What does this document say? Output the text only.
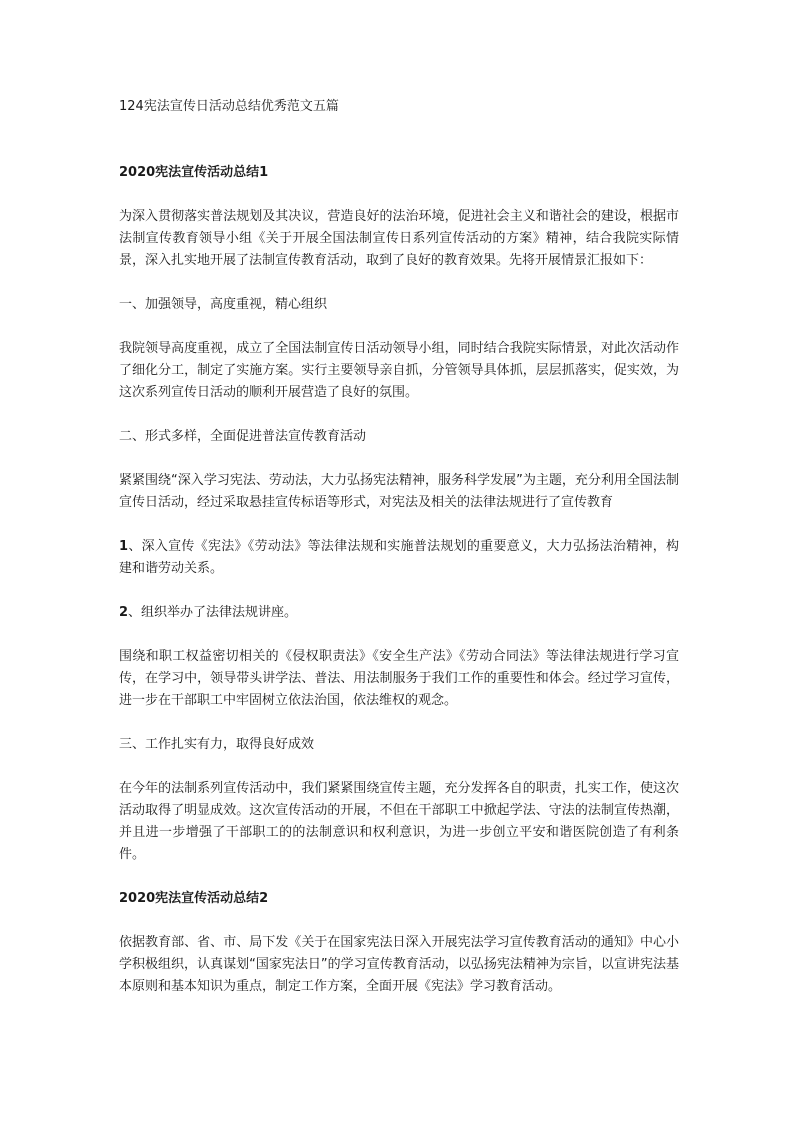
124宪法宣传日活动总结优秀范文五篇

2020宪法宣传活动总结1

为深入贯彻落实普法规划及其决议，营造良好的法治环境，促进社会主义和谐社会的建设，根据市法制宣传教育领导小组《关于开展全国法制宣传日系列宣传活动的方案》精神，结合我院实际情景，深入扎实地开展了法制宣传教育活动，取到了良好的教育效果。先将开展情景汇报如下：

一、加强领导，高度重视，精心组织

我院领导高度重视，成立了全国法制宣传日活动领导小组，同时结合我院实际情景，对此次活动作了细化分工，制定了实施方案。实行主要领导亲自抓，分管领导具体抓，层层抓落实，促实效，为这次系列宣传日活动的顺利开展营造了良好的氛围。

二、形式多样，全面促进普法宣传教育活动

紧紧围绕“深入学习宪法、劳动法，大力弘扬宪法精神，服务科学发展”为主题，充分利用全国法制宣传日活动，经过采取悬挂宣传标语等形式，对宪法及相关的法律法规进行了宣传教育

1、深入宣传《宪法》《劳动法》等法律法规和实施普法规划的重要意义，大力弘扬法治精神，构建和谐劳动关系。

2、组织举办了法律法规讲座。

围绕和职工权益密切相关的《侵权职责法》《安全生产法》《劳动合同法》等法律法规进行学习宣传，在学习中，领导带头讲学法、普法、用法制服务于我们工作的重要性和体会。经过学习宣传，进一步在干部职工中牢固树立依法治国，依法维权的观念。

三、工作扎实有力，取得良好成效

在今年的法制系列宣传活动中，我们紧紧围绕宣传主题，充分发挥各自的职责，扎实工作，使这次活动取得了明显成效。这次宣传活动的开展，不但在干部职工中掀起学法、守法的法制宣传热潮，并且进一步增强了干部职工的的法制意识和权利意识，为进一步创立平安和谐医院创造了有利条件。

2020宪法宣传活动总结2

依据教育部、省、市、局下发《关于在国家宪法日深入开展宪法学习宣传教育活动的通知》中心小学积极组织，认真谋划“国家宪法日”的学习宣传教育活动，以弘扬宪法精神为宗旨，以宣讲宪法基本原则和基本知识为重点，制定工作方案，全面开展《宪法》学习教育活动。
